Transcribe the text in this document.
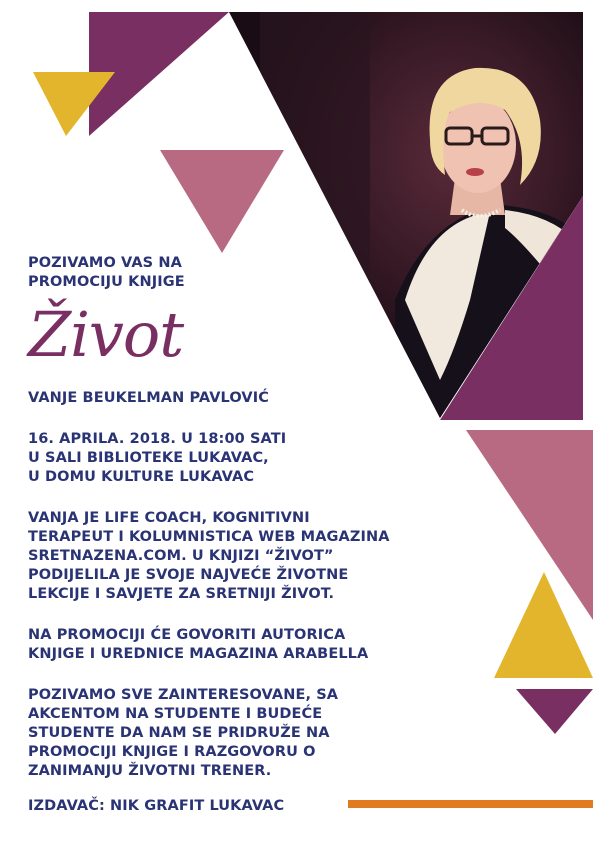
POZIVAMO VAS NA

PROMOCIJU KNJIGE

Život

VANJE BEUKELMAN PAVLOVIĆ

16. APRILA. 2018. U 18:00 SATI

U SALI BIBLIOTEKE LUKAVAC,

U DOMU KULTURE LUKAVAC

VANJA JE LIFE COACH, KOGNITIVNI

TERAPEUT I KOLUMNISTICA WEB MAGAZINA

SRETNAZENA.COM. U KNJIZI “ŽIVOT”

PODIJELILA JE SVOJE NAJVEĆE ŽIVOTNE

LEKCIJE I SAVJETE ZA SRETNIJI ŽIVOT.

NA PROMOCIJI ĆE GOVORITI AUTORICA

KNJIGE I UREDNICE MAGAZINA ARABELLA

POZIVAMO SVE ZAINTERESOVANE, SA

AKCENTOM NA STUDENTE I BUDEĆE

STUDENTE DA NAM SE PRIDRUŽE NA

PROMOCIJI KNJIGE I RAZGOVORU O

ZANIMANJU ŽIVOTNI TRENER.

IZDAVAČ: NIK GRAFIT LUKAVAC
